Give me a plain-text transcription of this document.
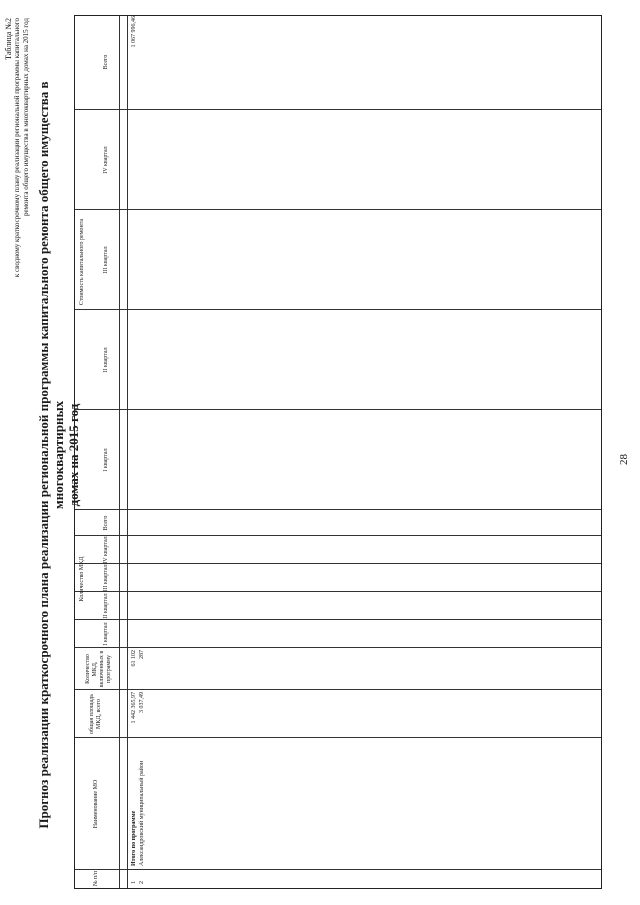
28
Таблица №2 к сводному краткосрочному плану реализации региональной программы капитального ремонта общего имущества в многоквартирных домах на 2015 год Прогноз реализации краткосрочного плана реализации региональной программы капитального ремонта общего имущества в многоквартирных домах на 2015 год
№ п/п
Наименование МО
общая площадь МКД, всего
Количество МКД, включенных в программу
Количество МКД
I квартал
II квартал
III квартал
IV квартал
Всего
Стоимость капитального ремонта
I квартал
II квартал
III квартал
IV квартал
Всего
1
Итого по программе
1 442 365,97
61 102
1 067 996,46
2
Александровский муниципальный район
3 037,49
287
